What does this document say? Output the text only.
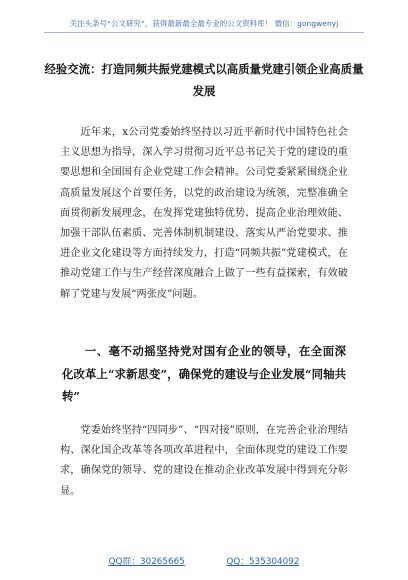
关注头条号“公文研究”，获得最新最全最专业的公文资料库！ 微信：gongwenyj
经验交流：打造同频共振党建模式以高质量党建引领企业高质量发展
近年来，x公司党委始终坚持以习近平新时代中国特色社会主义思想为指导，深入学习贯彻习近平总书记关于党的建设的重要思想和全国国有企业党建工作会精神。公司党委紧紧围绕企业高质量发展这个首要任务，以党的政治建设为统领，完整准确全面贯彻新发展理念，在发挥党建独特优势、提高企业治理效能、加强干部队伍素质、完善体制机制建设、落实从严治党要求、推进企业文化建设等方面持续发力，打造“同频共振”党建模式，在推动党建工作与生产经营深度融合上做了一些有益探索，有效破解了党建与发展“两张皮”问题。
一、毫不动摇坚持党对国有企业的领导，在全面深化改革上“求新思变”，确保党的建设与企业发展“同轴共转”
党委始终坚持“四同步”、“四对接”原则，在完善企业治理结构、深化国企改革等各项改革进程中，全面体现党的建设工作要求，确保党的领导、党的建设在推动企业改革发展中得到充分彰显。
QQ群：30265665	QQ：535304092
